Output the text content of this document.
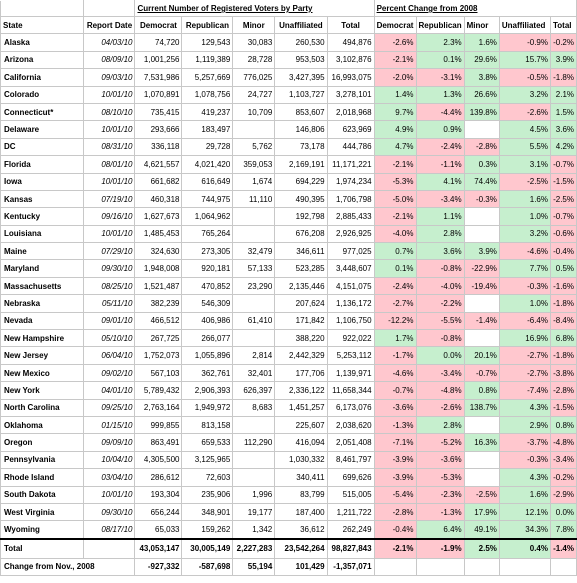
		Current Number of Registered Voters by Party					Percent Change from 2008				
State	Report Date	Democrat	Republican	Minor	Unaffiliated	Total	Democrat	Republican	Minor	Unaffiliated	Total
Alaska	04/03/10	74,720	129,543	30,083	260,530	494,876	-2.6%	2.3%	1.6%	-0.9%	-0.2%
Arizona	08/09/10	1,001,256	1,119,389	28,728	953,503	3,102,876	-2.1%	0.1%	29.6%	15.7%	3.9%
California	09/03/10	7,531,986	5,257,669	776,025	3,427,395	16,993,075	-2.0%	-3.1%	3.8%	-0.5%	-1.8%
Colorado	10/01/10	1,070,891	1,078,756	24,727	1,103,727	3,278,101	1.4%	1.3%	26.6%	3.2%	2.1%
Connecticut*	08/10/10	735,415	419,237	10,709	853,607	2,018,968	9.7%	-4.4%	139.8%	-2.6%	1.5%
Delaware	10/01/10	293,666	183,497		146,806	623,969	4.9%	0.9%		4.5%	3.6%
DC	08/31/10	336,118	29,728	5,762	73,178	444,786	4.7%	-2.4%	-2.8%	5.5%	4.2%
Florida	08/01/10	4,621,557	4,021,420	359,053	2,169,191	11,171,221	-2.1%	-1.1%	0.3%	3.1%	-0.7%
Iowa	10/01/10	661,682	616,649	1,674	694,229	1,974,234	-5.3%	4.1%	74.4%	-2.5%	-1.5%
Kansas	07/19/10	460,318	744,975	11,110	490,395	1,706,798	-5.0%	-3.4%	-0.3%	1.6%	-2.5%
Kentucky	09/16/10	1,627,673	1,064,962		192,798	2,885,433	-2.1%	1.1%		1.0%	-0.7%
Louisiana	10/01/10	1,485,453	765,264		676,208	2,926,925	-4.0%	2.8%		3.2%	-0.6%
Maine	07/29/10	324,630	273,305	32,479	346,611	977,025	0.7%	3.6%	3.9%	-4.6%	-0.4%
Maryland	09/30/10	1,948,008	920,181	57,133	523,285	3,448,607	0.1%	-0.8%	-22.9%	7.7%	0.5%
Massachusetts	08/25/10	1,521,487	470,852	23,290	2,135,446	4,151,075	-2.4%	-4.0%	-19.4%	-0.3%	-1.6%
Nebraska	05/11/10	382,239	546,309		207,624	1,136,172	-2.7%	-2.2%		1.0%	-1.8%
Nevada	09/01/10	466,512	406,986	61,410	171,842	1,106,750	-12.2%	-5.5%	-1.4%	-6.4%	-8.4%
New Hampshire	05/10/10	267,725	266,077		388,220	922,022	1.7%	-0.8%		16.9%	6.8%
New Jersey	06/04/10	1,752,073	1,055,896	2,814	2,442,329	5,253,112	-1.7%	0.0%	20.1%	-2.7%	-1.8%
New Mexico	09/02/10	567,103	362,761	32,401	177,706	1,139,971	-4.6%	-3.4%	-0.7%	-2.7%	-3.8%
New York	04/01/10	5,789,432	2,906,393	626,397	2,336,122	11,658,344	-0.7%	-4.8%	0.8%	-7.4%	-2.8%
North Carolina	09/25/10	2,763,164	1,949,972	8,683	1,451,257	6,173,076	-3.6%	-2.6%	138.7%	4.3%	-1.5%
Oklahoma	01/15/10	999,855	813,158		225,607	2,038,620	-1.3%	2.8%		2.9%	0.8%
Oregon	09/09/10	863,491	659,533	112,290	416,094	2,051,408	-7.1%	-5.2%	16.3%	-3.7%	-4.8%
Pennsylvania	10/04/10	4,305,500	3,125,965		1,030,332	8,461,797	-3.9%	-3.6%		-0.3%	-3.4%
Rhode Island	03/04/10	286,612	72,603		340,411	699,626	-3.9%	-5.3%		4.3%	-0.2%
South Dakota	10/01/10	193,304	235,906	1,996	83,799	515,005	-5.4%	-2.3%	-2.5%	1.6%	-2.9%
West Virginia	09/30/10	656,244	348,901	19,177	187,400	1,211,722	-2.8%	-1.3%	17.9%	12.1%	0.0%
Wyoming	08/17/10	65,033	159,262	1,342	36,612	262,249	-0.4%	6.4%	49.1%	34.3%	7.8%
Total		43,053,147	30,005,149	2,227,283	23,542,264	98,827,843	-2.1%	-1.9%	2.5%	0.4%	-1.4%
Change from Nov., 2008		-927,332	-587,698	55,194	101,429	-1,357,071					
